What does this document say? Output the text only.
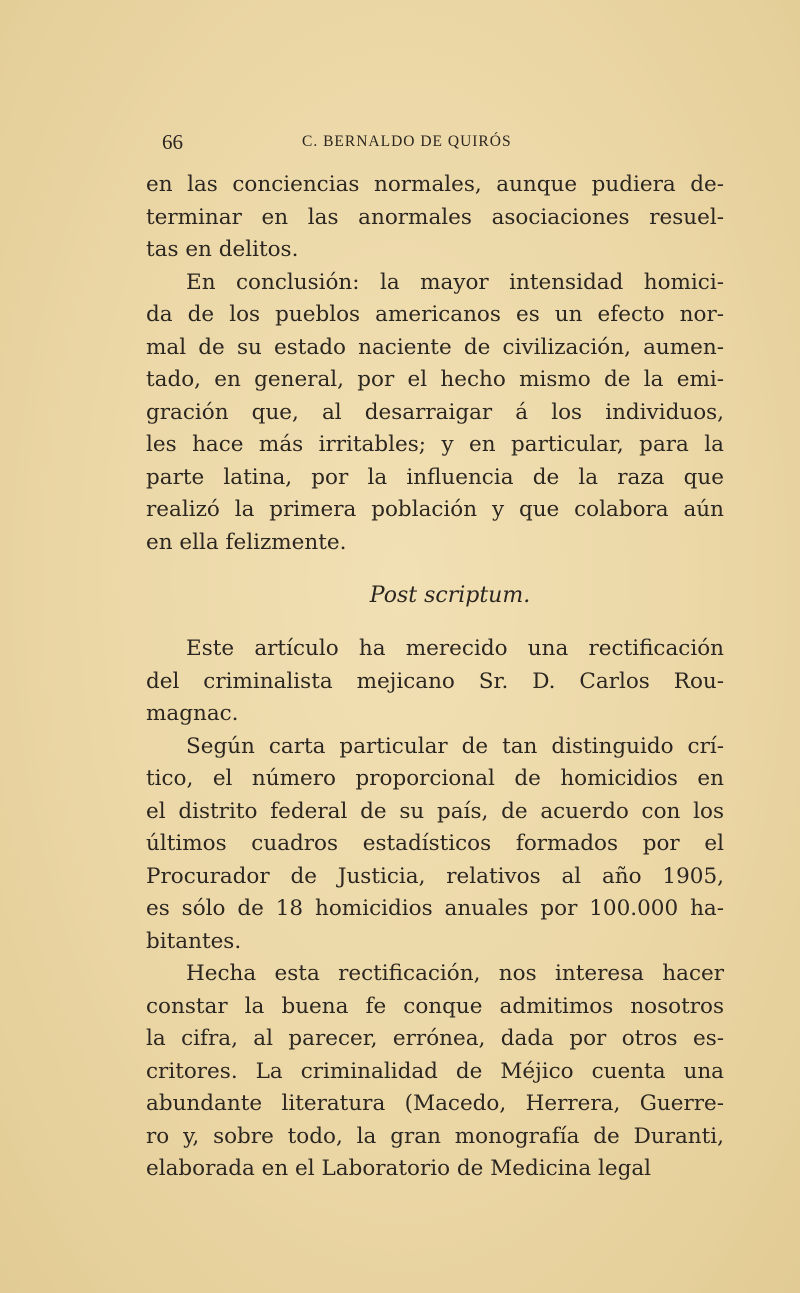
66	C. BERNALDO DE QUIRÓS
en las conciencias normales, aunque pudiera de-
terminar en las anormales asociaciones resuel-
tas en delitos.
En conclusión: la mayor intensidad homici-
da de los pueblos americanos es un efecto nor-
mal de su estado naciente de civilización, aumen-
tado, en general, por el hecho mismo de la emi-
gración que, al desarraigar á los individuos,
les hace más irritables; y en particular, para la
parte latina, por la influencia de la raza que
realizó la primera población y que colabora aún
en ella felizmente.
Post scriptum.
Este artículo ha merecido una rectificación
del criminalista mejicano Sr. D. Carlos Rou-
magnac.
Según carta particular de tan distinguido crí-
tico, el número proporcional de homicidios en
el distrito federal de su país, de acuerdo con los
últimos cuadros estadísticos formados por el
Procurador de Justicia, relativos al año 1905,
es sólo de 18 homicidios anuales por 100.000 ha-
bitantes.
Hecha esta rectificación, nos interesa hacer
constar la buena fe conque admitimos nosotros
la cifra, al parecer, errónea, dada por otros es-
critores. La criminalidad de Méjico cuenta una
abundante literatura (Macedo, Herrera, Guerre-
ro y, sobre todo, la gran monografía de Duranti,
elaborada en el Laboratorio de Medicina legal
